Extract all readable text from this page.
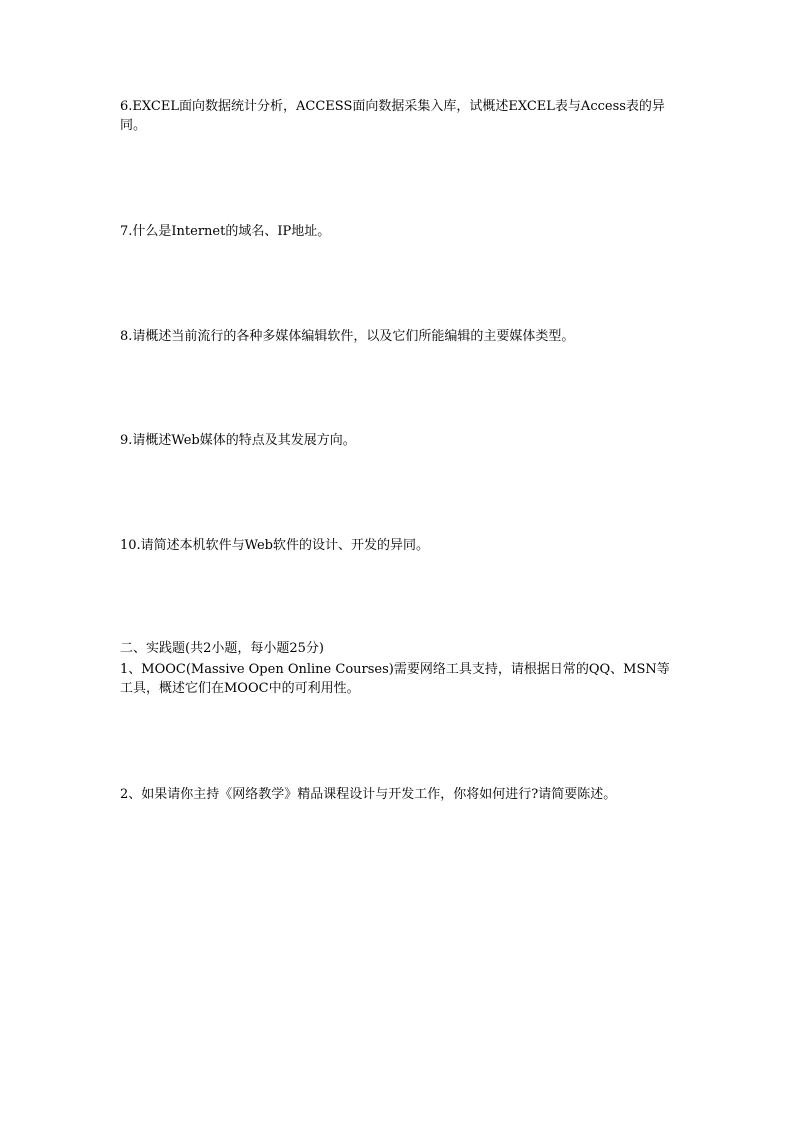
6.EXCEL面向数据统计分析，ACCESS面向数据采集入库，试概述EXCEL表与Access表的异同。
7.什么是Internet的域名、IP地址。
8.请概述当前流行的各种多媒体编辑软件，以及它们所能编辑的主要媒体类型。
9.请概述Web媒体的特点及其发展方向。
10.请简述本机软件与Web软件的设计、开发的异同。
二、实践题(共2小题，每小题25分)
1、MOOC(Massive Open Online Courses)需要网络工具支持，请根据日常的QQ、MSN等工具，概述它们在MOOC中的可利用性。
2、如果请你主持《网络教学》精品课程设计与开发工作，你将如何进行?请简要陈述。
